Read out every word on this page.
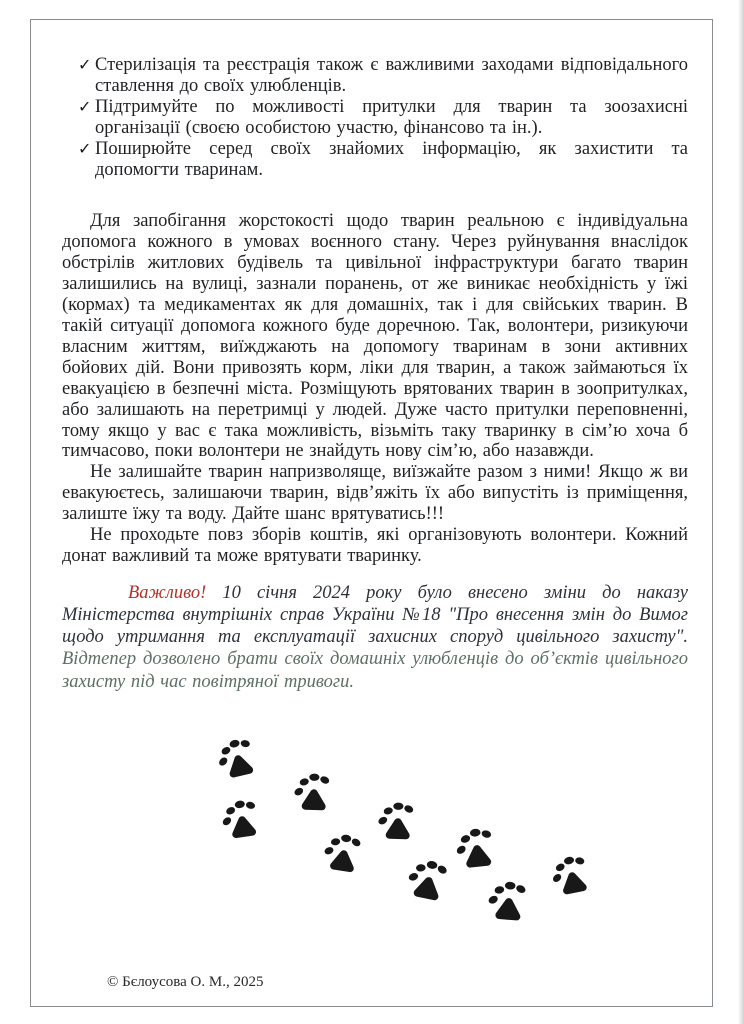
✓ Стерилізація та реєстрація також є важливими заходами відповідального ставлення до своїх улюбленців.
✓ Підтримуйте по можливості притулки для тварин та зоозахисні організації (своєю особистою участю, фінансово та ін.).
✓ Поширюйте серед своїх знайомих інформацію, як захистити та допомогти тваринам.

Для запобігання жорстокості щодо тварин реальною є індивідуальна допомога кожного в умовах воєнного стану. Через руйнування внаслідок обстрілів житлових будівель та цивільної інфраструктури багато тварин залишились на вулиці, зазнали поранень, от же виникає необхідність у їжі (кормах) та медикаментах як для домашніх, так і для свійських тварин. В такій ситуації допомога кожного буде доречною. Так, волонтери, ризикуючи власним життям, виїжджають на допомогу тваринам в зони активних бойових дій. Вони привозять корм, ліки для тварин, а також займаються їх евакуацією в безпечні міста. Розміщують врятованих тварин в зоопритулках, або залишають на перетримці у людей. Дуже часто притулки переповненні, тому якщо у вас є така можливість, візьміть таку тваринку в сім’ю хоча б тимчасово, поки волонтери не знайдуть нову сім’ю, або назавжди.

Не залишайте тварин напризволяще, виїзжайте разом з ними! Якщо ж ви евакуюєтесь, залишаючи тварин, відв’яжіть їх або випустіть із приміщення, залиште їжу та воду. Дайте шанс врятуватись!!!

Не проходьте повз зборів коштів, які організовують волонтери. Кожний донат важливий та може врятувати тваринку.

Важливо! 10 січня 2024 року було внесено зміни до наказу Міністерства внутрішніх справ України №18 "Про внесення змін до Вимог щодо утримання та експлуатації захисних споруд цивільного захисту". Відтепер дозволено брати своїх домашніх улюбленців до об’єктів цивільного захисту під час повітряної тривоги.

© Бєлоусова О. М., 2025
